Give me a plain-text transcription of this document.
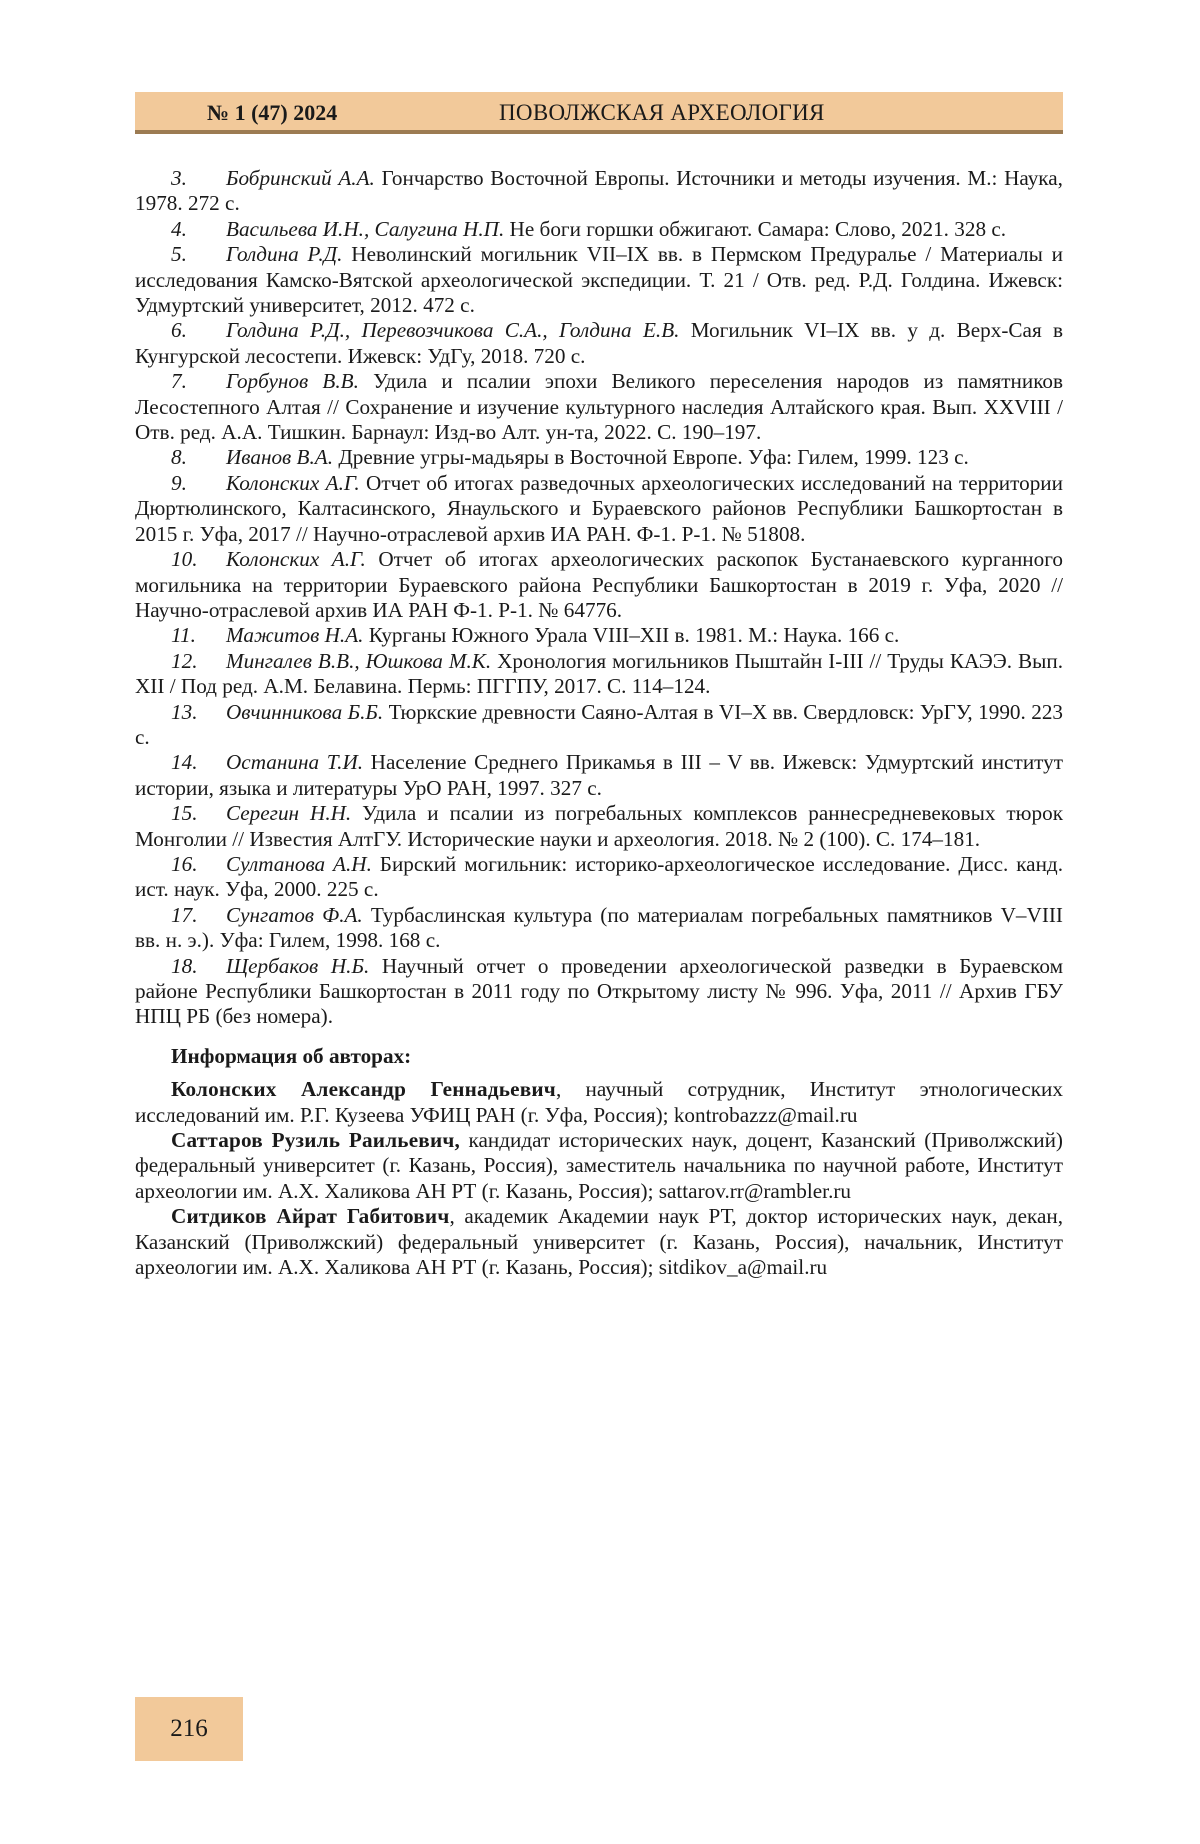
№ 1 (47) 2024	ПОВОЛЖСКАЯ АРХЕОЛОГИЯ

3. Бобринский А.А. Гончарство Восточной Европы. Источники и методы изучения. М.: Наука, 1978. 272 с.

4. Васильева И.Н., Салугина Н.П. Не боги горшки обжигают. Самара: Слово, 2021. 328 с.

5. Голдина Р.Д. Неволинский могильник VII–IX вв. в Пермском Предуралье / Материалы и исследования Камско-Вятской археологической экспедиции. Т. 21 / Отв. ред. Р.Д. Голдина. Ижевск: Удмуртский университет, 2012. 472 с.

6. Голдина Р.Д., Перевозчикова С.А., Голдина Е.В. Могильник VI–IX вв. у д. Верх-Сая в Кунгурской лесостепи. Ижевск: УдГу, 2018. 720 с.

7. Горбунов В.В. Удила и псалии эпохи Великого переселения народов из памятников Лесостепного Алтая // Сохранение и изучение культурного наследия Алтайского края. Вып. XXVIII / Отв. ред. А.А. Тишкин. Барнаул: Изд-во Алт. ун-та, 2022. С. 190–197.

8. Иванов В.А. Древние угры-мадьяры в Восточной Европе. Уфа: Гилем, 1999. 123 с.

9. Колонских А.Г. Отчет об итогах разведочных археологических исследований на территории Дюртюлинского, Калтасинского, Янаульского и Бураевского районов Республики Башкортостан в 2015 г. Уфа, 2017 // Научно-отраслевой архив ИА РАН. Ф-1. Р-1. № 51808.

10. Колонских А.Г. Отчет об итогах археологических раскопок Бустанаевского курганного могильника на территории Бураевского района Республики Башкортостан в 2019 г. Уфа, 2020 // Научно-отраслевой архив ИА РАН Ф-1. Р-1. № 64776.

11. Мажитов Н.А. Курганы Южного Урала VIII–XII в. 1981. М.: Наука. 166 с.

12. Мингалев В.В., Юшкова М.К. Хронология могильников Пыштайн I-III // Труды КАЭЭ. Вып. XII / Под ред. А.М. Белавина. Пермь: ПГГПУ, 2017. С. 114–124.

13. Овчинникова Б.Б. Тюркские древности Саяно-Алтая в VI–X вв. Свердловск: УрГУ, 1990. 223 с.

14. Останина Т.И. Население Среднего Прикамья в III – V вв. Ижевск: Удмуртский институт истории, языка и литературы УрО РАН, 1997. 327 с.

15. Серегин Н.Н. Удила и псалии из погребальных комплексов раннесредневековых тюрок Монголии // Известия АлтГУ. Исторические науки и археология. 2018. № 2 (100). С. 174–181.

16. Султанова А.Н. Бирский могильник: историко-археологическое исследование. Дисс. канд. ист. наук. Уфа, 2000. 225 с.

17. Сунгатов Ф.А. Турбаслинская культура (по материалам погребальных памятников V–VIII вв. н. э.). Уфа: Гилем, 1998. 168 с.

18. Щербаков Н.Б. Научный отчет о проведении археологической разведки в Бураевском районе Республики Башкортостан в 2011 году по Открытому листу № 996. Уфа, 2011 // Архив ГБУ НПЦ РБ (без номера).

Информация об авторах:

Колонских Александр Геннадьевич, научный сотрудник, Институт этнологических исследований им. Р.Г. Кузеева УФИЦ РАН (г. Уфа, Россия); kontrobazzz@mail.ru

Саттаров Рузиль Раильевич, кандидат исторических наук, доцент, Казанский (Приволжский) федеральный университет (г. Казань, Россия), заместитель начальника по научной работе, Институт археологии им. А.Х. Халикова АН РТ (г. Казань, Россия); sattarov.rr@rambler.ru

Ситдиков Айрат Габитович, академик Академии наук РТ, доктор исторических наук, декан, Казанский (Приволжский) федеральный университет (г. Казань, Россия), начальник, Институт археологии им. А.Х. Халикова АН РТ (г. Казань, Россия); sitdikov_a@mail.ru

216
